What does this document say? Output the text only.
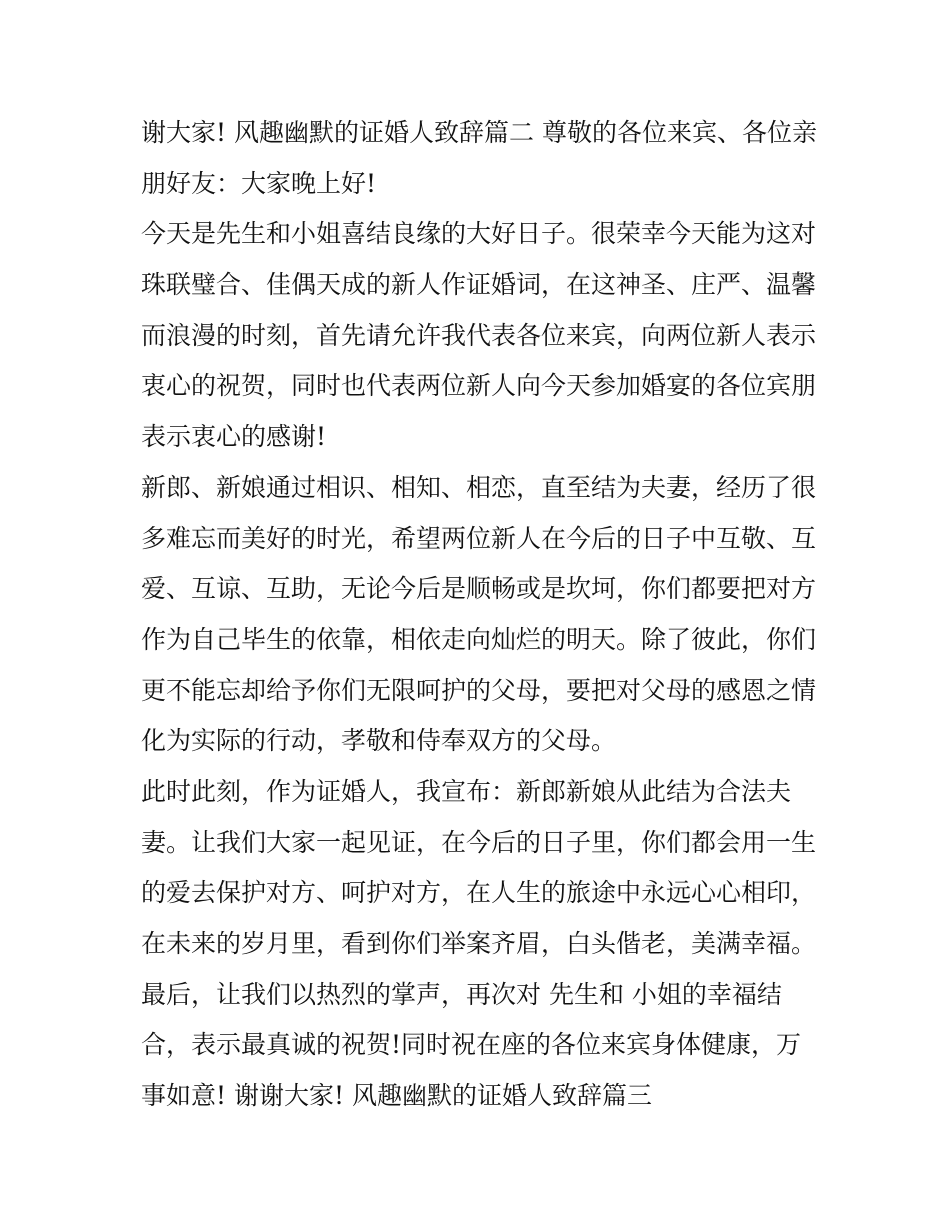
谢大家! 风趣幽默的证婚人致辞篇二 尊敬的各位来宾、各位亲
朋好友：大家晚上好!
今天是先生和小姐喜结良缘的大好日子。很荣幸今天能为这对
珠联璧合、佳偶天成的新人作证婚词，在这神圣、庄严、温馨
而浪漫的时刻，首先请允许我代表各位来宾，向两位新人表示
衷心的祝贺，同时也代表两位新人向今天参加婚宴的各位宾朋
表示衷心的感谢!
新郎、新娘通过相识、相知、相恋，直至结为夫妻，经历了很
多难忘而美好的时光，希望两位新人在今后的日子中互敬、互
爱、互谅、互助，无论今后是顺畅或是坎坷，你们都要把对方
作为自己毕生的依靠，相依走向灿烂的明天。除了彼此，你们
更不能忘却给予你们无限呵护的父母，要把对父母的感恩之情
化为实际的行动，孝敬和侍奉双方的父母。
此时此刻，作为证婚人，我宣布：新郎新娘从此结为合法夫
妻。让我们大家一起见证，在今后的日子里，你们都会用一生
的爱去保护对方、呵护对方，在人生的旅途中永远心心相印，
在未来的岁月里，看到你们举案齐眉，白头偕老，美满幸福。
最后，让我们以热烈的掌声，再次对 先生和 小姐的幸福结
合，表示最真诚的祝贺!同时祝在座的各位来宾身体健康，万
事如意! 谢谢大家! 风趣幽默的证婚人致辞篇三
